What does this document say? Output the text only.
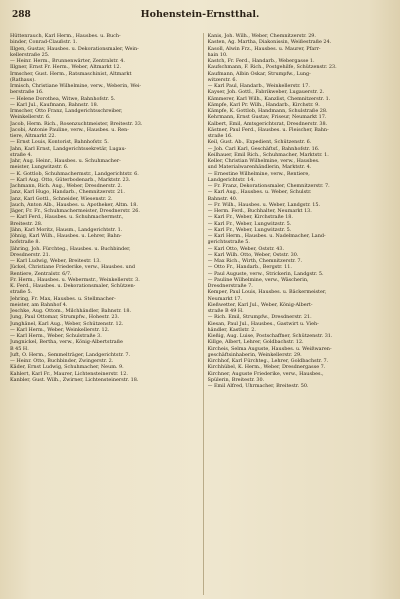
288	Hohenstein-Ernstthal.
Hüttenrauch, Karl Herm., Hausbes. u. Buch-
binder, Conrad-Claußstr. 1.
Illgen, Gustav, Hausbes. u. Dekorationsmaler, Wein-
kellerstraße 25.
— Heinr. Herm., Brunnenwärter, Zentralstr. 4.
Illgner, Ernst Fr. Herm., Weber, Altmarkt 12.
Irmscher, Gust. Herm., Ratsmaschinist, Altmarkt
(Rathaus).
Irmisch, Christiane Wilhelmine, verw., Weberin, Wei-
berstraße 16.
— Helene Dorothea, Witwe, Bahnhofstr. 5.
— Karl Jul., Kaufmann, Bahnstr. 18.
Irmscher, Otto Franz, Landgerichtsschreiber,
Weinkellerstr. 6.
Jacob, Herm. Rich., Rosenzuchtmeister, Breitestr. 33.
Jacobi, Antonie Pauline, verw., Hausbes. u. Ren-
tiere, Altmarkt 22.
— Ernst Louis, Kontorist, Bahnhofstr. 5.
Jahn, Karl Ernst, Landgerichtssekretär, Lugau-
straße 4.
Jahr, Aug. Heinr., Hausbes. u. Schuhmacher-
meister, Lungwitzstr. 6.
— K. Gottlob, Schuhmachermstr., Landgerichtstr. 6.
— Karl Aug. Otto, Güterbodenarb., Marktstr. 23.
Jachmann, Rich. Aug., Weber, Dresdnerstr. 2.
Janz, Karl Hugo, Handarb., Chemnitzerstr. 21.
Janz, Karl Gottl., Schneider, Wiesenstr. 2.
Jauch, Anton Alb., Hausbes. u. Apotheker, Altm. 18.
Jäger, Fr. Fr., Schuhmachermeister, Dresdnerstr. 26.
— Karl Ferd., Hausbes. u. Schuhmachermstr.,
Breitestr. 28.
Jähn, Karl Moritz, Hausm., Landgerichtstr. 1.
Jöhnig, Karl Wilh., Hausbes. u. Lehrer, Bahn-
hofstraße 8.
Jähring, Joh. Fürchteg., Hausbes. u. Buchbinder,
Dresdnerstr. 21.
— Karl Ludwig, Weber, Breitestr. 13.
Jückel, Christiane Friederike, verw., Hausbes. und
Rentiere, Zentralstr. 6/7.
Fr. Herm., Hausbes. u. Webermstr., Weinkellerstr. 3.
K. Ferd., Hausbes. u. Dekorationsmaler, Schützen-
straße 5.
Jehring, Fr. Max, Hausbes. u. Stellmacher-
meister, am Bahnhof 4.
Jeschke, Aug. Ottom., Milchhändler, Bahnstr. 18.
Jung, Paul Ottomar, Strumpfw., Hohestr. 23.
Junghänel, Karl Aug., Weber, Schützenstr. 12.
— Karl Herm., Weber, Weinkellerstr. 12.
— Karl Herm., Weber, Schulstraße 3.
Jungnickel, Bertha, verw., König-Albertstraße
B 45 H.
Juft, O. Herm., Semmelträger, Landgerichtstr. 7.
— Heinr. Otto, Buchbinder, Zwingerstr. 2.
Käder, Ernst Ludwig, Schuhmacher, Neum. 9.
Kahlert, Karl Fr., Maurer, Lichtensteinerstr. 12.
Kanbler, Gust. Wilh., Zwirner, Lichtensteinerstr. 18.
Kanis, Joh. Wilh., Weber, Chemnitzerstr. 29.
Kasten, Ag. Martha, Diakonissin, Weißestraße 24.
Kasoll, Alwin Frz., Hausbes. u. Maurer, Pfarr-
hain 10.
Kastch, Fr. Ferd., Handarb., Webergasse 1.
Kaufschmann, F. Rich., Postgehilfe, Schützenstr. 23.
Kaufmann, Albin Oskar, Strumpfw., Lung-
witzerstr. 6.
— Karl Paul, Handarb., Weinkellerstr. 17.
Kayser, Joh. Gottl., Fabrikweber, Lugauerstr. 2.
Kämmerer, Karl Wilh., Kanzlist, Chemnitzerstr. 1.
Kämpfe, Karl Pr. Wilh., Handarb., Kirchstr. 9.
Kämpfe, K. Gottlob, Handmann, Schulstraße 28.
Kehrmann, Ernst Gustav, Friseur, Neumarkt 17.
Kalbert, Emil, Amtsgerichtsrat, Dresdnerstr. 38.
Kästner, Paul Ferd., Hausbes. u. Fleischer, Bahn-
straße 16.
Keil, Gust. Ab., Expedient, Schützenstr. 6.
— Joh. Carl Karl, Geschäftsf., Bahnhofstr. 16.
Keilhauer, Emil Rich., Schuhmacher, Marktstr. 1.
Keller, Christian Wilhelmine, verw., Hausbes.
und Materialwarenhändlerin, Marktstr. 4.
— Ernestine Wilhelmine, verw., Rentiere,
Landgerichtstr. 14.
— Fr. Franz, Dekorationsmaler, Chemnitzerstr. 7.
— Karl Aug., Hausbes. u. Weber, Schulstr.
Bahnstr. 40.
— Fr. Wilh., Hausbes. u. Weber, Landgstr. 15.
— Herm. Ferd., Buchhalter, Neumarkt 13.
— Karl Fr., Weber, Kirchstraße 18.
— Karl Fr., Weber, Lungwitzstr. 5.
— Karl Fr., Weber, Lungwitzstr. 5.
— Karl Herm., Hausbes. u. Nadelmacher, Land-
gerichtsstraße 5.
— Karl Otto, Weber, Oststr. 43.
— Karl Wilh. Otto, Weber, Oststr. 30.
— Max Rich., Wirth, Chemnitzerstr. 7.
— Otto Fr., Handarb., Bergstr. 11.
— Paul Auguste, verw., Strickerin, Landgstr. 5.
— Pauline Wilhelmine, verw., Wäscherin,
Dresdnerstraße 7.
Kemper, Paul Louis, Hausbes. u. Bäckermeister,
Neumarkt 17.
Kießwetter, Karl Jul., Weber, König-Albert-
straße B 49 H.
— Rich. Emil, Strumpfw., Dresdnerstr. 21.
Kiesan, Paul Jul., Hausbes., Gastwirt u. Vieh-
händler, Kastlstr. 2.
Kießig, Aug. Luise, Postschaffner, Schützenstr. 31.
Killge, Albert, Lehrer, Goldbachstr. 12.
Kircheis, Selma Auguste, Hausbes. u. Weißwaren-
geschäftsinhaberin, Weinkellerstr. 29.
Kirchhof, Karl Fürchteg., Lehrer, Goldbachstr. 7.
Kirchhübel, K. Herm., Weber, Dresdnergasse 7.
Kirchner, Auguste Friederike, verw., Hausbes.,
Spülerin, Breitestr. 30.
— Emil Alfred, Uhrmacher, Breitestr. 50.
